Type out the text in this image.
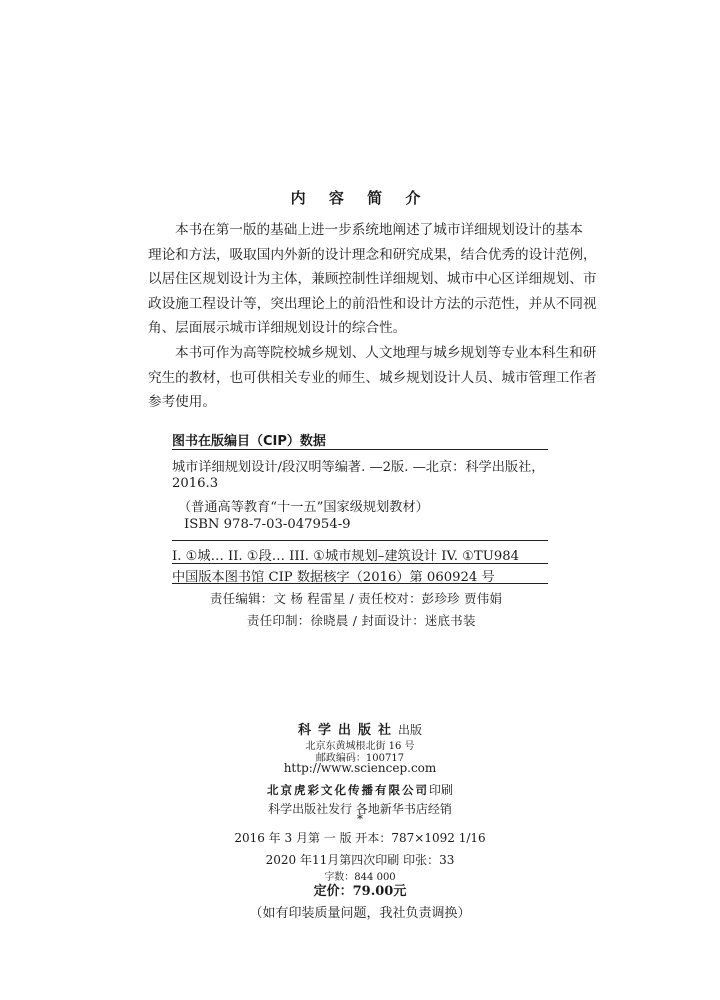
内 容 简 介
本书在第一版的基础上进一步系统地阐述了城市详细规划设计的基本
理论和方法，吸取国内外新的设计理念和研究成果，结合优秀的设计范例，
以居住区规划设计为主体，兼顾控制性详细规划、城市中心区详细规划、市
政设施工程设计等，突出理论上的前沿性和设计方法的示范性，并从不同视
角、层面展示城市详细规划设计的综合性。
本书可作为高等院校城乡规划、人文地理与城乡规划等专业本科生和研
究生的教材，也可供相关专业的师生、城乡规划设计人员、城市管理工作者
参考使用。
图书在版编目（CIP）数据
城市详细规划设计/段汉明等编著. —2版. —北京：科学出版社，
2016.3
（普通高等教育“十一五”国家级规划教材）
ISBN 978-7-03-047954-9
I. ①城… II. ①段… III. ①城市规划–建筑设计 IV. ①TU984
中国版本图书馆 CIP 数据核字（2016）第 060924 号
责任编辑：文 杨 程雷星 / 责任校对：彭珍珍 贾伟娟
责任印制：徐晓晨 / 封面设计：迷底书装
科学出版社出版
北京东黄城根北街 16 号
邮政编码：100717
http://www.sciencep.com
北京虎彩文化传播有限公司印刷
科学出版社发行 各地新华书店经销
*
2016 年 3 月第 一 版 开本：787×1092 1/16
2020 年11月第四次印刷 印张：33
字数：844 000
定价：79.00元
（如有印装质量问题，我社负责调换）
